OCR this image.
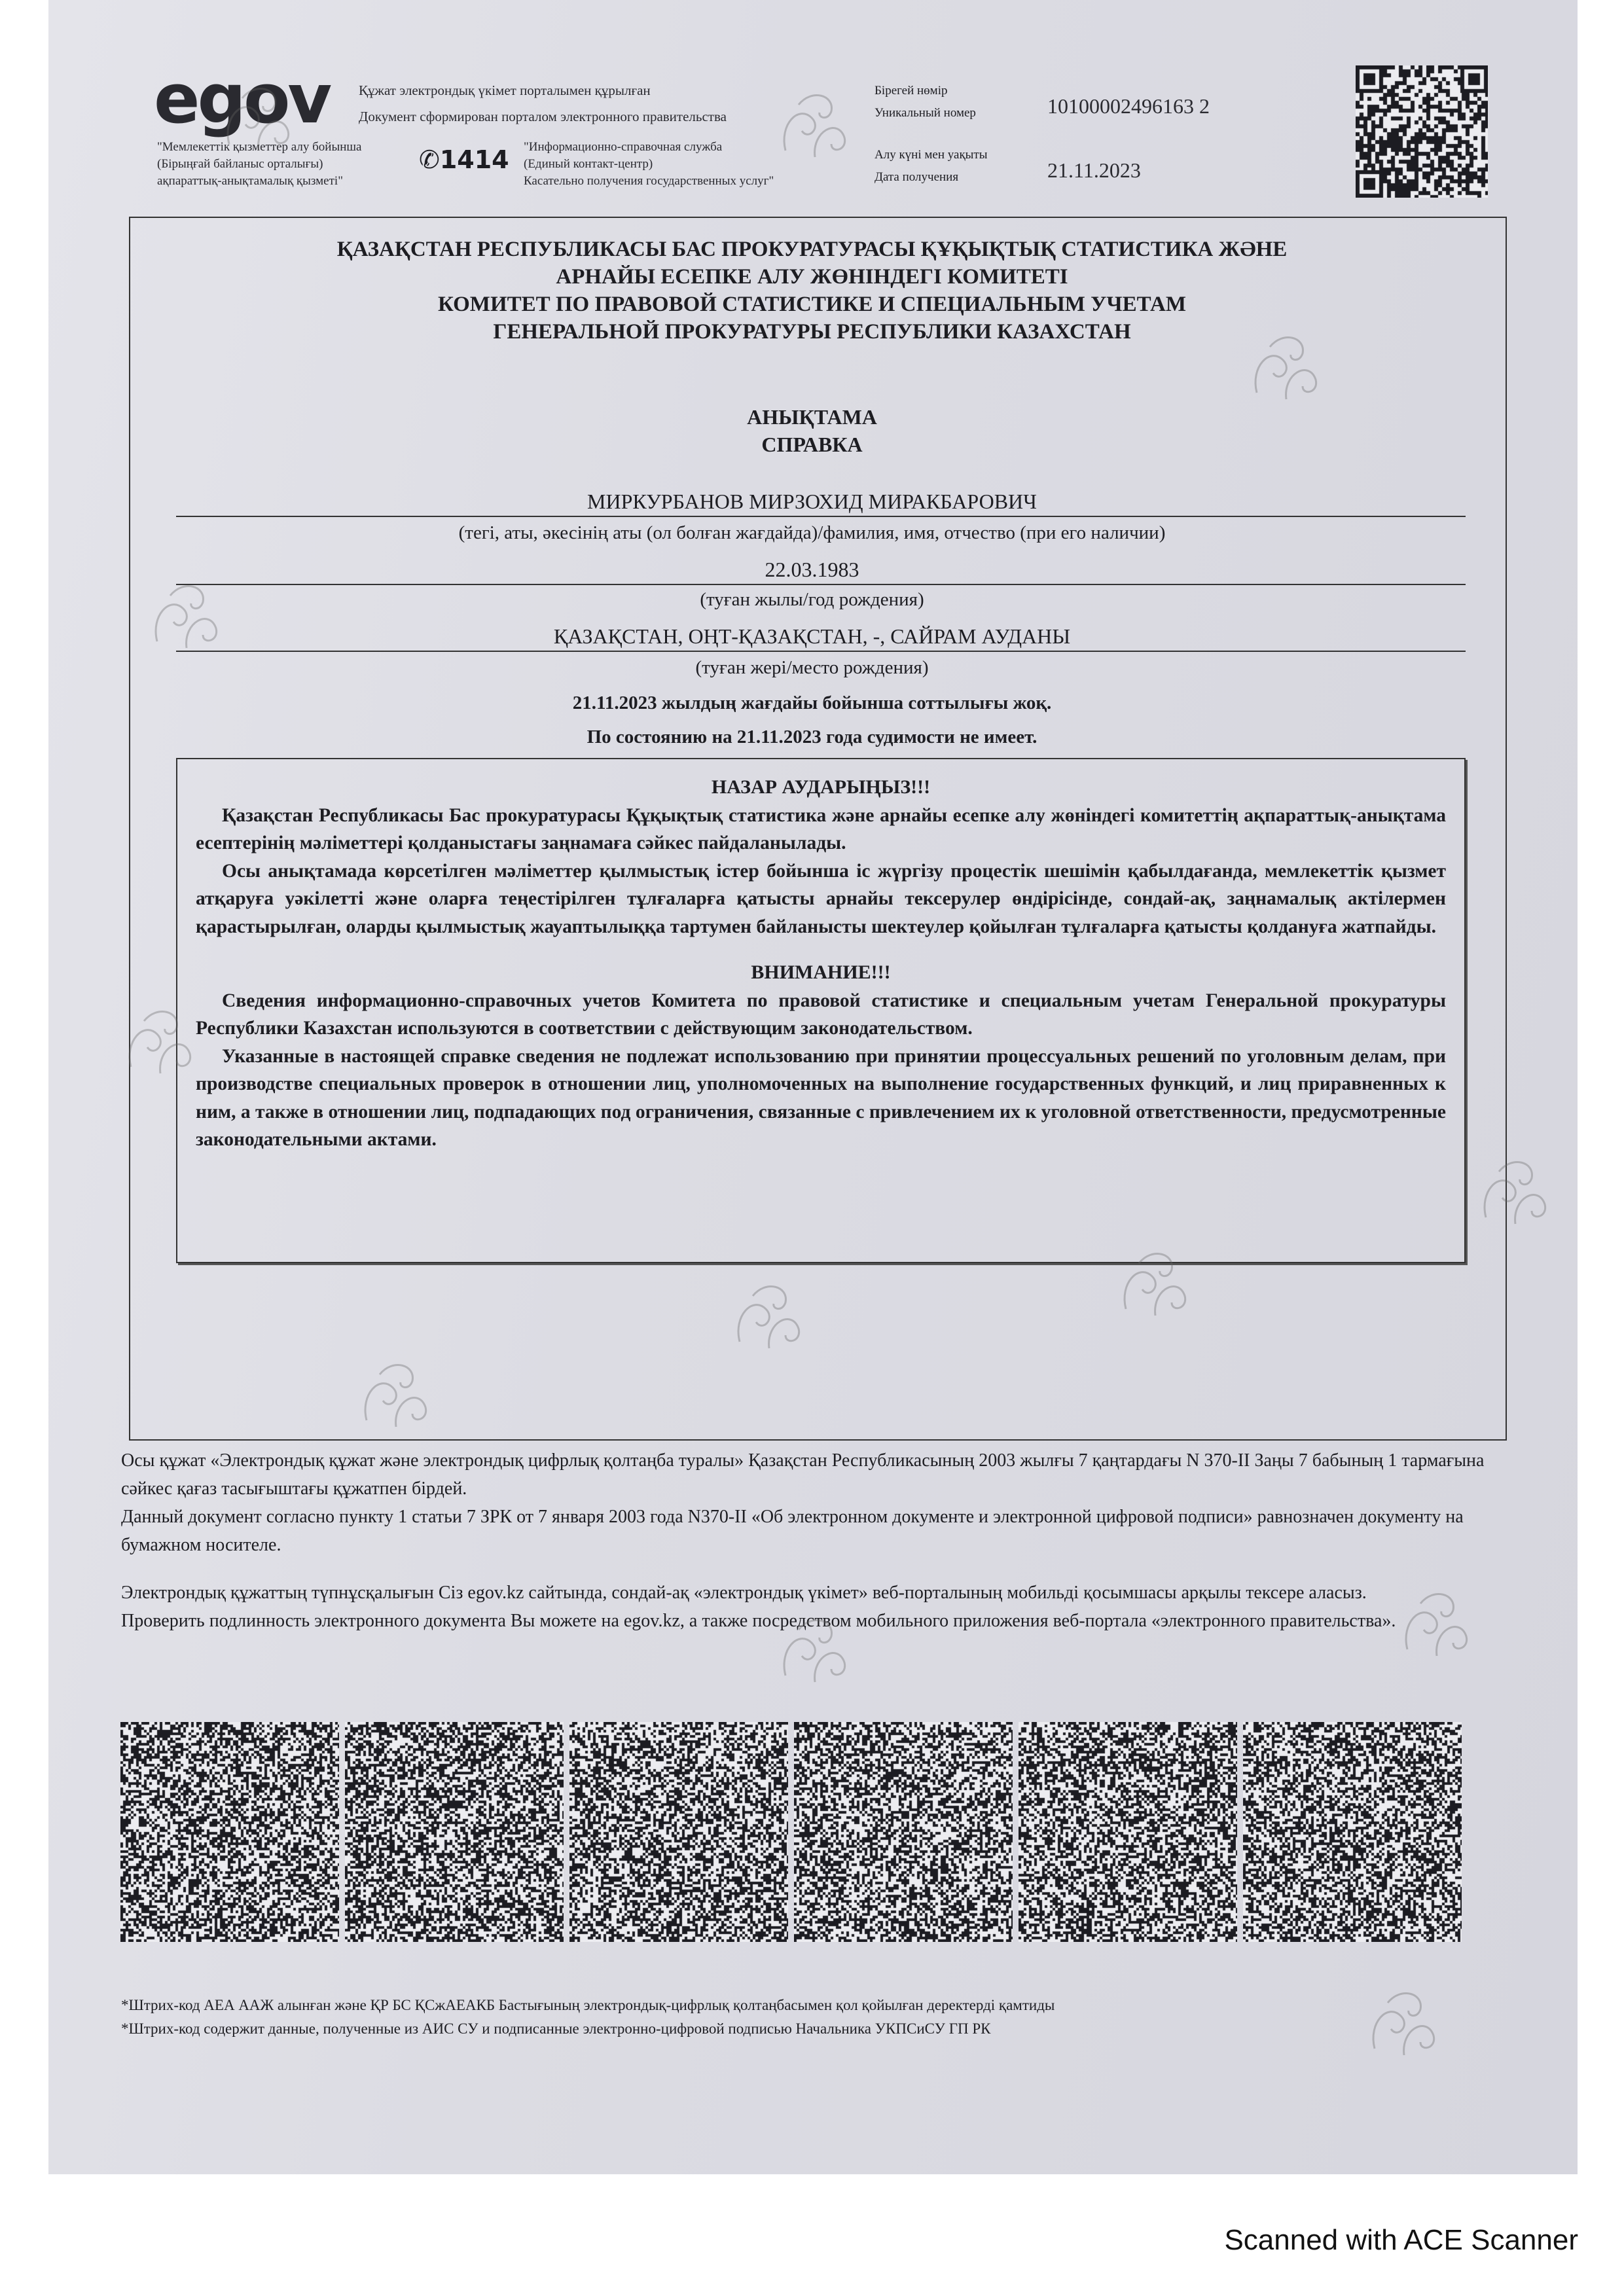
egov Құжат электрондық үкімет порталымен құрылған
Документ сформирован порталом электронного правительства
"Мемлекеттік қызметтер алу бойынша
(Бірыңғай байланыс орталығы)
ақпараттық-анықтамалық қызметі"
✆1414 "Информационно-справочная служба
(Единый контакт-центр)
Касательно получения государственных услуг"
Бірегей нөмір
Уникальный номер	10100002496163 2
Алу күні мен уақыты
Дата получения	21.11.2023
ҚАЗАҚСТАН РЕСПУБЛИКАСЫ БАС ПРОКУРАТУРАСЫ ҚҰҚЫҚТЫҚ СТАТИСТИКА ЖӘНЕ
АРНАЙЫ ЕСЕПКЕ АЛУ ЖӨНІНДЕГІ КОМИТЕТІ
КОМИТЕТ ПО ПРАВОВОЙ СТАТИСТИКЕ И СПЕЦИАЛЬНЫМ УЧЕТАМ
ГЕНЕРАЛЬНОЙ ПРОКУРАТУРЫ РЕСПУБЛИКИ КАЗАХСТАН
АНЫҚТАМА
СПРАВКА
МИРКУРБАНОВ МИРЗОХИД МИРАКБАРОВИЧ
(тегі, аты, әкесінің аты (ол болған жағдайда)/фамилия, имя, отчество (при его наличии)
22.03.1983
(туған жылы/год рождения)
ҚАЗАҚСТАН, ОҢТ-ҚАЗАҚСТАН, -, САЙРАМ АУДАНЫ
(туған жері/место рождения)
21.11.2023 жылдың жағдайы бойынша соттылығы жоқ.
По состоянию на 21.11.2023 года судимости не имеет.
НАЗАР АУДАРЫҢЫЗ!!!

Қазақстан Республикасы Бас прокуратурасы Құқықтық статистика және арнайы есепке алу жөніндегі комитеттің ақпараттық-анықтама есептерінің мәліметтері қолданыстағы заңнамаға сәйкес пайдаланылады.

Осы анықтамада көрсетілген мәліметтер қылмыстық істер бойынша іс жүргізу процестік шешімін қабылдағанда, мемлекеттік қызмет атқаруға уәкілетті және оларға теңестірілген тұлғаларға қатысты арнайы тексерулер өндірісінде, сондай-ақ, заңнамалық актілермен қарастырылған, оларды қылмыстық жауаптылыққа тартумен байланысты шектеулер қойылған тұлғаларға қатысты қолдануға жатпайды.

ВНИМАНИЕ!!!

Сведения информационно-справочных учетов Комитета по правовой статистике и специальным учетам Генеральной прокуратуры Республики Казахстан используются в соответствии с действующим законодательством.

Указанные в настоящей справке сведения не подлежат использованию при принятии процессуальных решений по уголовным делам, при производстве специальных проверок в отношении лиц, уполномоченных на выполнение государственных функций, и лиц приравненных к ним, а также в отношении лиц, подпадающих под ограничения, связанные с привлечением их к уголовной ответственности, предусмотренные законодательными актами.

Осы құжат «Электрондық құжат және электрондық цифрлық қолтаңба туралы» Қазақстан Республикасының 2003 жылғы 7 қаңтардағы N 370-II Заңы 7 бабының 1 тармағына сәйкес қағаз тасығыштағы құжатпен бірдей.
Данный документ согласно пункту 1 статьи 7 ЗРК от 7 января 2003 года N370-II «Об электронном документе и электронной цифровой подписи» равнозначен документу на бумажном носителе.
Электрондық құжаттың түпнұсқалығын Сіз egov.kz сайтында, сондай-ақ «электрондық үкімет» веб-порталының мобильді қосымшасы арқылы тексере аласыз.
Проверить подлинность электронного документа Вы можете на egov.kz, а также посредством мобильного приложения веб-портала «электронного правительства».
*Штрих-код АЕА ААЖ алынған және ҚР БС ҚСжАЕАКБ Бастығының электрондық-цифрлық қолтаңбасымен қол қойылған деректерді қамтиды
*Штрих-код содержит данные, полученные из АИС СУ и подписанные электронно-цифровой подписью Начальника УКПСиСУ ГП РК
Scanned with ACE Scanner
